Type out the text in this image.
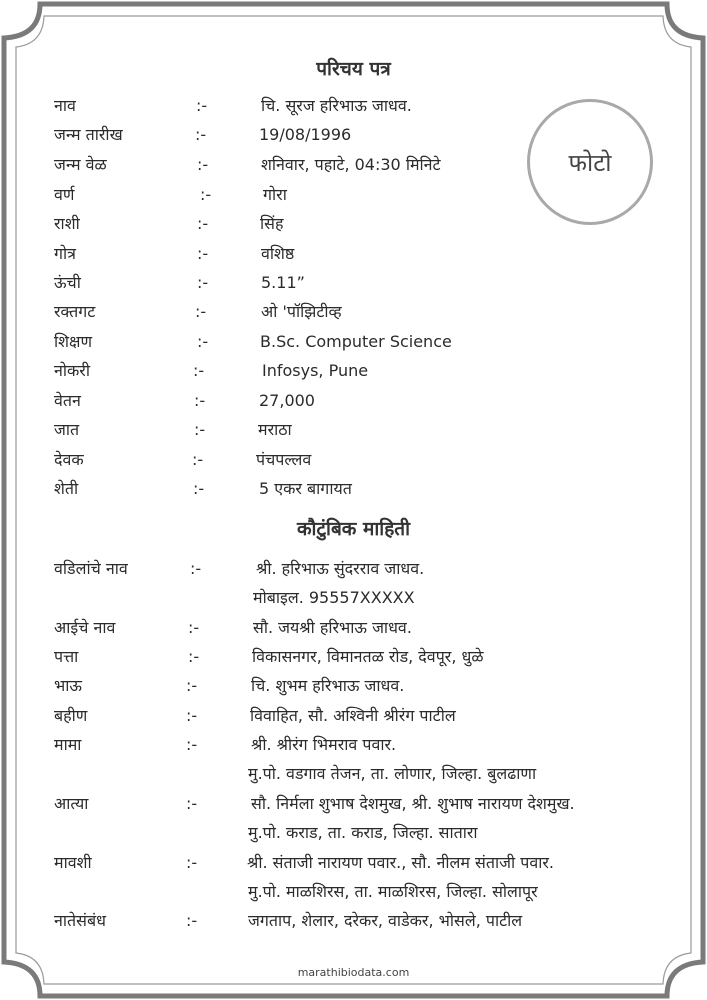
परिचय पत्र
फोटो
नाव	:-	चि. सूरज हरिभाऊ जाधव.
जन्म तारीख	:-	19/08/1996
जन्म वेळ	:-	शनिवार, पहाटे, 04:30 मिनिटे
वर्ण	:-	गोरा
राशी	:-	सिंह
गोत्र	:-	वशिष्ठ
ऊंची	:-	5.11”
रक्तगट	:-	ओ 'पॉझिटीव्ह
शिक्षण	:-	B.Sc. Computer Science
नोकरी	:-	Infosys, Pune
वेतन	:-	27,000
जात	:-	मराठा
देवक	:-	पंचपल्लव
शेती	:-	5 एकर बागायत
कौटुंबिक माहिती
वडिलांचे नाव	:-	श्री. हरिभाऊ सुंदरराव जाधव.
मोबाइल. 95557XXXXX
आईचे नाव	:-	सौ. जयश्री हरिभाऊ जाधव.
पत्ता	:-	विकासनगर, विमानतळ रोड, देवपूर, धुळे
भाऊ	:-	चि. शुभम हरिभाऊ जाधव.
बहीण	:-	विवाहित, सौ. अश्विनी श्रीरंग पाटील
मामा	:-	श्री. श्रीरंग भिमराव पवार.
मु.पो. वडगाव तेजन, ता. लोणार, जिल्हा. बुलढाणा
आत्या	:-	सौ. निर्मला शुभाष देशमुख, श्री. शुभाष नारायण देशमुख.
मु.पो. कराड, ता. कराड, जिल्हा. सातारा
मावशी	:-	श्री. संताजी नारायण पवार., सौ. नीलम संताजी पवार.
मु.पो. माळशिरस, ता. माळशिरस, जिल्हा. सोलापूर
नातेसंबंध	:-	जगताप, शेलार, दरेकर, वाडेकर, भोसले, पाटील
marathibiodata.com
